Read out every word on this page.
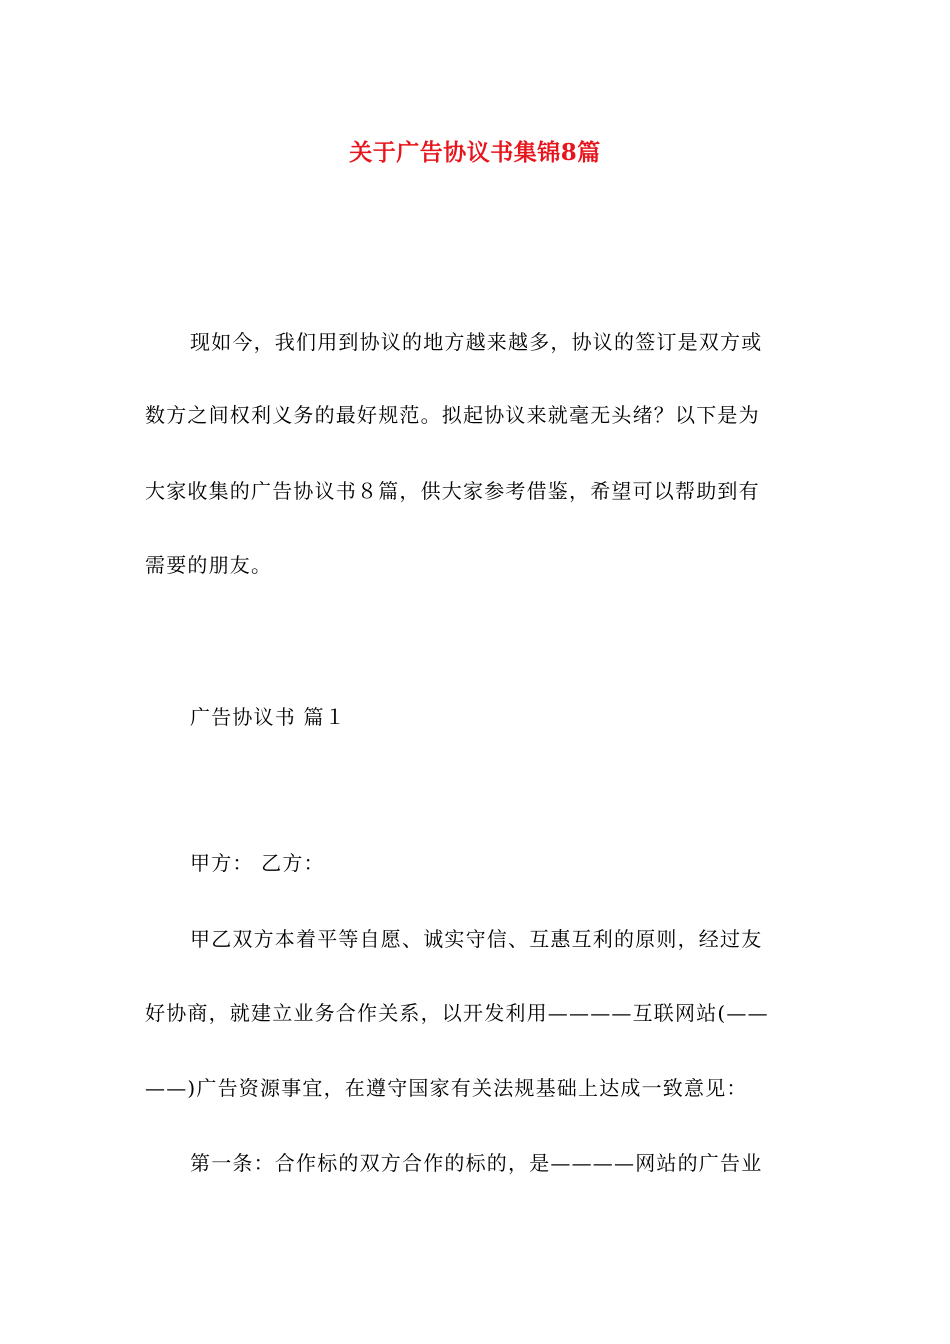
关于广告协议书集锦8篇

现如今，我们用到协议的地方越来越多，协议的签订是双方或

数方之间权利义务的最好规范。拟起协议来就毫无头绪？以下是为

大家收集的广告协议书８篇，供大家参考借鉴，希望可以帮助到有

需要的朋友。

广告协议书 篇１

甲方： 乙方：

甲乙双方本着平等自愿、诚实守信、互惠互利的原则，经过友

好协商，就建立业务合作关系，以开发利用————互联网站(——

——)广告资源事宜，在遵守国家有关法规基础上达成一致意见：

第一条：合作标的双方合作的标的，是————网站的广告业
